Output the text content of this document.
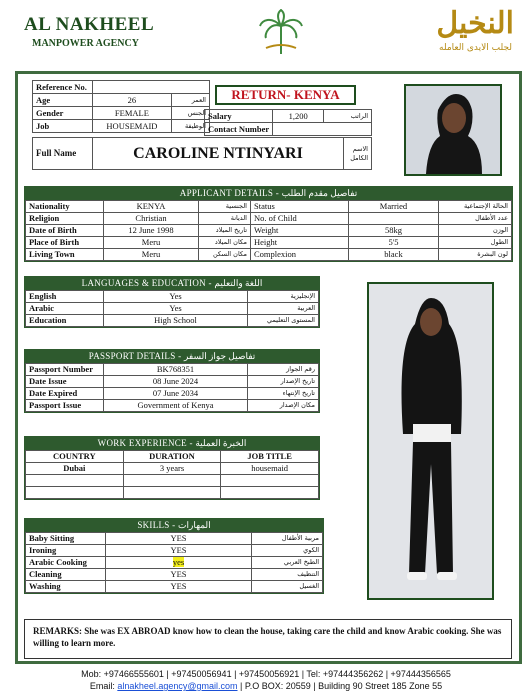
AL NAKHEEL
MANPOWER AGENCY
النخيل
لجلب الايدى العامله
Reference No.		
Age	26	العمر
Gender	FEMALE	الجنس
Job	HOUSEMAID	الوظيفة
Salary	1,200	الراتب
Contact Number		
Full Name	CAROLINE NTINYARI	الاسم الكامل
RETURN- KENYA
APPLICANT DETAILS - تفاصيل مقدم الطلب
Nationality	KENYA	الجنسية	Status	Married	الحالة الإجتماعية
Religion	Christian	الديانة	No. of Child		عدد الأطفال
Date of Birth	12 June 1998	تاريخ الميلاد	Weight	58kg	الوزن
Place of Birth	Meru	مكان الميلاد	Height	5'5	الطول
Living Town	Meru	مكان السكن	Complexion	black	لون البشرة
LANGUAGES & EDUCATION - اللغة والتعليم
English	Yes	الإنجليزية
Arabic	Yes	العربية
Education	High School	المستوى التعليمي
PASSPORT DETAILS - تفاصيل جواز السفر
Passport Number	BK768351	رقم الجواز
Date Issue	08 June 2024	تاريخ الإصدار
Date Expired	07 June 2034	تاريخ الإنتهاء
Passport Issue	Government of Kenya	مكان الإصدار
WORK EXPERIENCE - الخبرة العملية
COUNTRY	DURATION	JOB TITLE
Dubai	3 years	housemaid

SKILLS - المهارات
Baby Sitting	YES	مربية الأطفال
Ironing	YES	الكوي
Arabic Cooking	yes	الطبخ العربي
Cleaning	YES	التنظيف
Washing	YES	الغسيل
REMARKS: She was EX ABROAD know how to clean the house, taking care the child and know Arabic cooking. She was willing to learn more.
Mob: +97466555601 | +97450056941 | +97450056921 | Tel: +97444356262 | +97444356565
Email: alnakheel.agency@gmail.com | P.O BOX: 20559 | Building 90 Street 185 Zone 55
